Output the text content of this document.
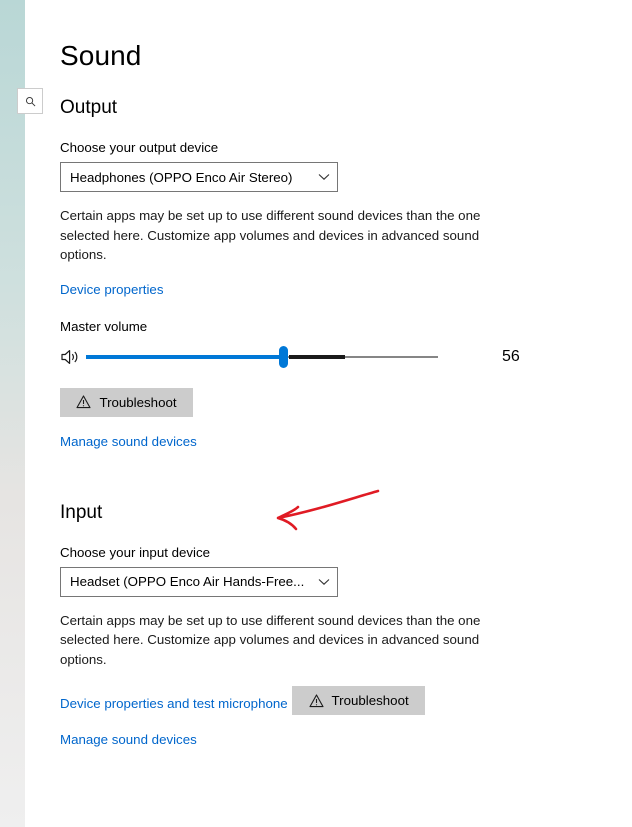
Sound
Output
Choose your output device
Headphones (OPPO Enco Air Stereo)

Certain apps may be set up to use different sound devices than the one selected here. Customize app volumes and devices in advanced sound options.

Device properties
Master volume
56
Troubleshoot
Manage sound devices
Input
Choose your input device
Headset (OPPO Enco Air Hands-Free...

Certain apps may be set up to use different sound devices than the one selected here. Customize app volumes and devices in advanced sound options.

Device properties and test microphone	Troubleshoot
Manage sound devices
